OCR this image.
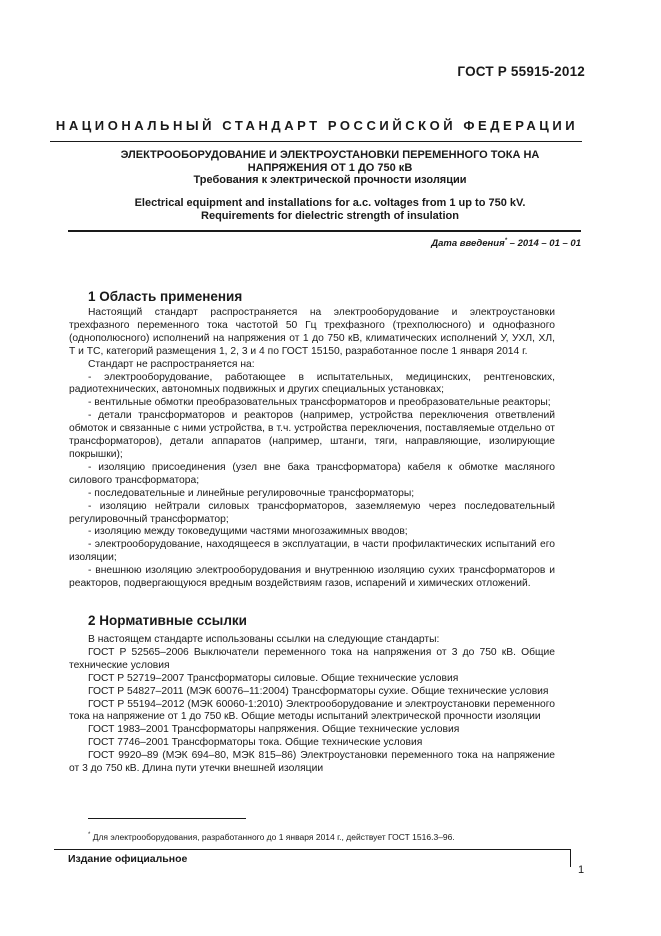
ГОСТ Р 55915-2012
НАЦИОНАЛЬНЫЙ СТАНДАРТ РОССИЙСКОЙ ФЕДЕРАЦИИ
ЭЛЕКТРООБОРУДОВАНИЕ И ЭЛЕКТРОУСТАНОВКИ ПЕРЕМЕННОГО ТОКА НА
НАПРЯЖЕНИЯ ОТ 1 ДО 750 кВ
Требования к электрической прочности изоляции
Electrical equipment and installations for a.c. voltages from 1 up to 750 kV.
Requirements for dielectric strength of insulation
Дата введения* – 2014 – 01 – 01
1 Область применения

Настоящий стандарт распространяется на электрооборудование и электроустановки трехфазного переменного тока частотой 50 Гц трехфазного (трехполюсного) и однофазного (однополюсного) исполнений на напряжения от 1 до 750 кВ, климатических исполнений У, УХЛ, ХЛ, Т и ТС, категорий размещения 1, 2, 3 и 4 по ГОСТ 15150, разработанное после 1 января 2014 г.

Стандарт не распространяется на:

- электрооборудование, работающее в испытательных, медицинских, рентгеновских, радиотехнических, автономных подвижных и других специальных установках;

- вентильные обмотки преобразовательных трансформаторов и преобразовательные реакторы;

- детали трансформаторов и реакторов (например, устройства переключения ответвлений обмоток и связанные с ними устройства, в т.ч. устройства переключения, поставляемые отдельно от трансформаторов), детали аппаратов (например, штанги, тяги, направляющие, изолирующие покрышки);

- изоляцию присоединения (узел вне бака трансформатора) кабеля к обмотке масляного силового трансформатора;

- последовательные и линейные регулировочные трансформаторы;

- изоляцию нейтрали силовых трансформаторов, заземляемую через последовательный регулировочный трансформатор;

- изоляцию между токоведущими частями многозажимных вводов;

- электрооборудование, находящееся в эксплуатации, в части профилактических испытаний его изоляции;

- внешнюю изоляцию электрооборудования и внутреннюю изоляцию сухих трансформаторов и реакторов, подвергающуюся вредным воздействиям газов, испарений и химических отложений.

2 Нормативные ссылки

В настоящем стандарте использованы ссылки на следующие стандарты:

ГОСТ Р 52565–2006 Выключатели переменного тока на напряжения от 3 до 750 кВ. Общие технические условия

ГОСТ Р 52719–2007 Трансформаторы силовые. Общие технические условия

ГОСТ Р 54827–2011 (МЭК 60076–11:2004) Трансформаторы сухие. Общие технические условия

ГОСТ Р 55194–2012 (МЭК 60060-1:2010) Электрооборудование и электроустановки переменного тока на напряжение от 1 до 750 кВ. Общие методы испытаний электрической прочности изоляции

ГОСТ 1983–2001 Трансформаторы напряжения. Общие технические условия

ГОСТ 7746–2001 Трансформаторы тока. Общие технические условия

ГОСТ 9920–89 (МЭК 694–80, МЭК 815–86) Электроустановки переменного тока на напряжение от 3 до 750 кВ. Длина пути утечки внешней изоляции

* Для электрооборудования, разработанного до 1 января 2014 г., действует ГОСТ 1516.3–96.
Издание официальное
1
